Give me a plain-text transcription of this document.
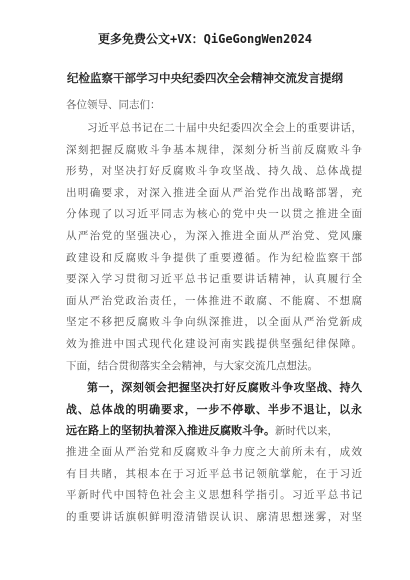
更多免费公文+VX：QiGeGongWen2024
纪检监察干部学习中央纪委四次全会精神交流发言提纲
各位领导、同志们：
习近平总书记在二十届中央纪委四次全会上的重要讲话，
深刻把握反腐败斗争基本规律，深刻分析当前反腐败斗争
形势，对坚决打好反腐败斗争攻坚战、持久战、总体战提
出明确要求，对深入推进全面从严治党作出战略部署，充
分体现了以习近平同志为核心的党中央一以贯之推进全面
从严治党的坚强决心，为深入推进全面从严治党、党风廉
政建设和反腐败斗争提供了重要遵循。作为纪检监察干部
要深入学习贯彻习近平总书记重要讲话精神，认真履行全
面从严治党政治责任，一体推进不敢腐、不能腐、不想腐
坚定不移把反腐败斗争向纵深推进，以全面从严治党新成
效为推进中国式现代化建设河南实践提供坚强纪律保障。
下面，结合贯彻落实全会精神，与大家交流几点想法。
第一，深刻领会把握坚决打好反腐败斗争攻坚战、持久
战、总体战的明确要求，一步不停歇、半步不退让，以永
远在路上的坚韧执着深入推进反腐败斗争。新时代以来，
推进全面从严治党和反腐败斗争力度之大前所未有，成效
有目共睹，其根本在于习近平总书记领航掌舵，在于习近
平新时代中国特色社会主义思想科学指引。习近平总书记
的重要讲话旗帜鲜明澄清错误认识、廓清思想迷雾，对坚
